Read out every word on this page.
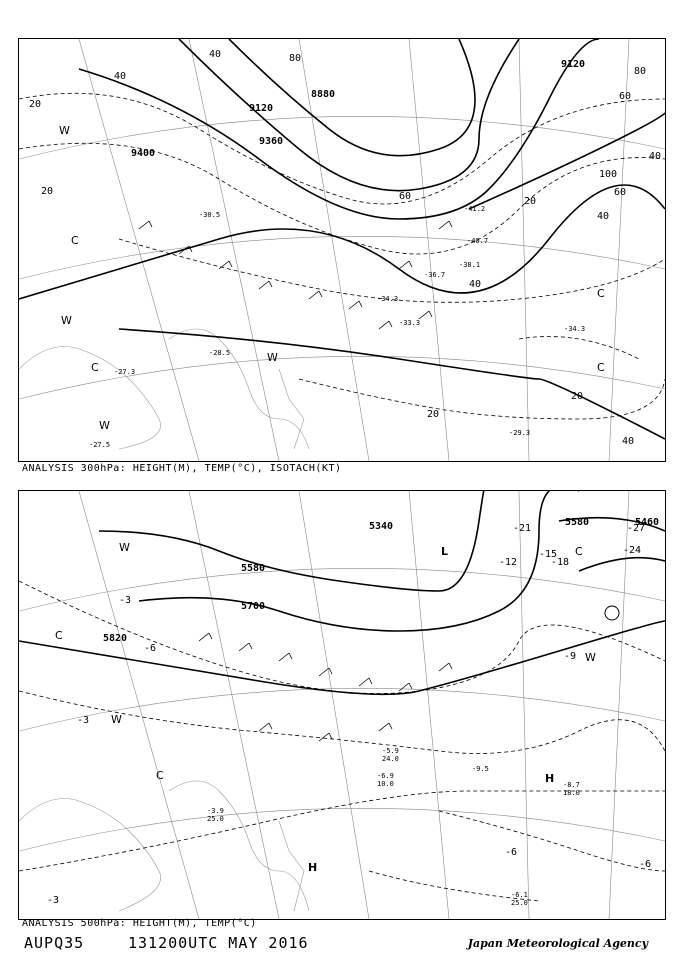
9120
8880
9360
9120
9400
20
40
60
80
40
60
80
100
60
40
20
40
20
20
40
20
40
-34.3
-33.3
-34.3
-29.3
-36.7
-38.1
-40.7
-41.2
-30.5
-28.5
-27.3
-27.5
W
C
W
C
W
C
C
W
ANALYSIS 300hPa: HEIGHT(M), TEMP(°C), ISOTACH(KT)
5580
5700
5820
5340	5580	5460
-3
-6
-9
-12
-15
-18
-21
-24
-27
-3
-6
-3
-6
L
H
H
W
C
W
C
C
W
-8.7
18.0
-6.1
25.0
-5.9
24.0
-9.5
-6.9
10.0
-3.9
25.0
ANALYSIS 500hPa: HEIGHT(M), TEMP(°C)
AUPQ35	131200UTC MAY 2016	Japan Meteorological Agency
